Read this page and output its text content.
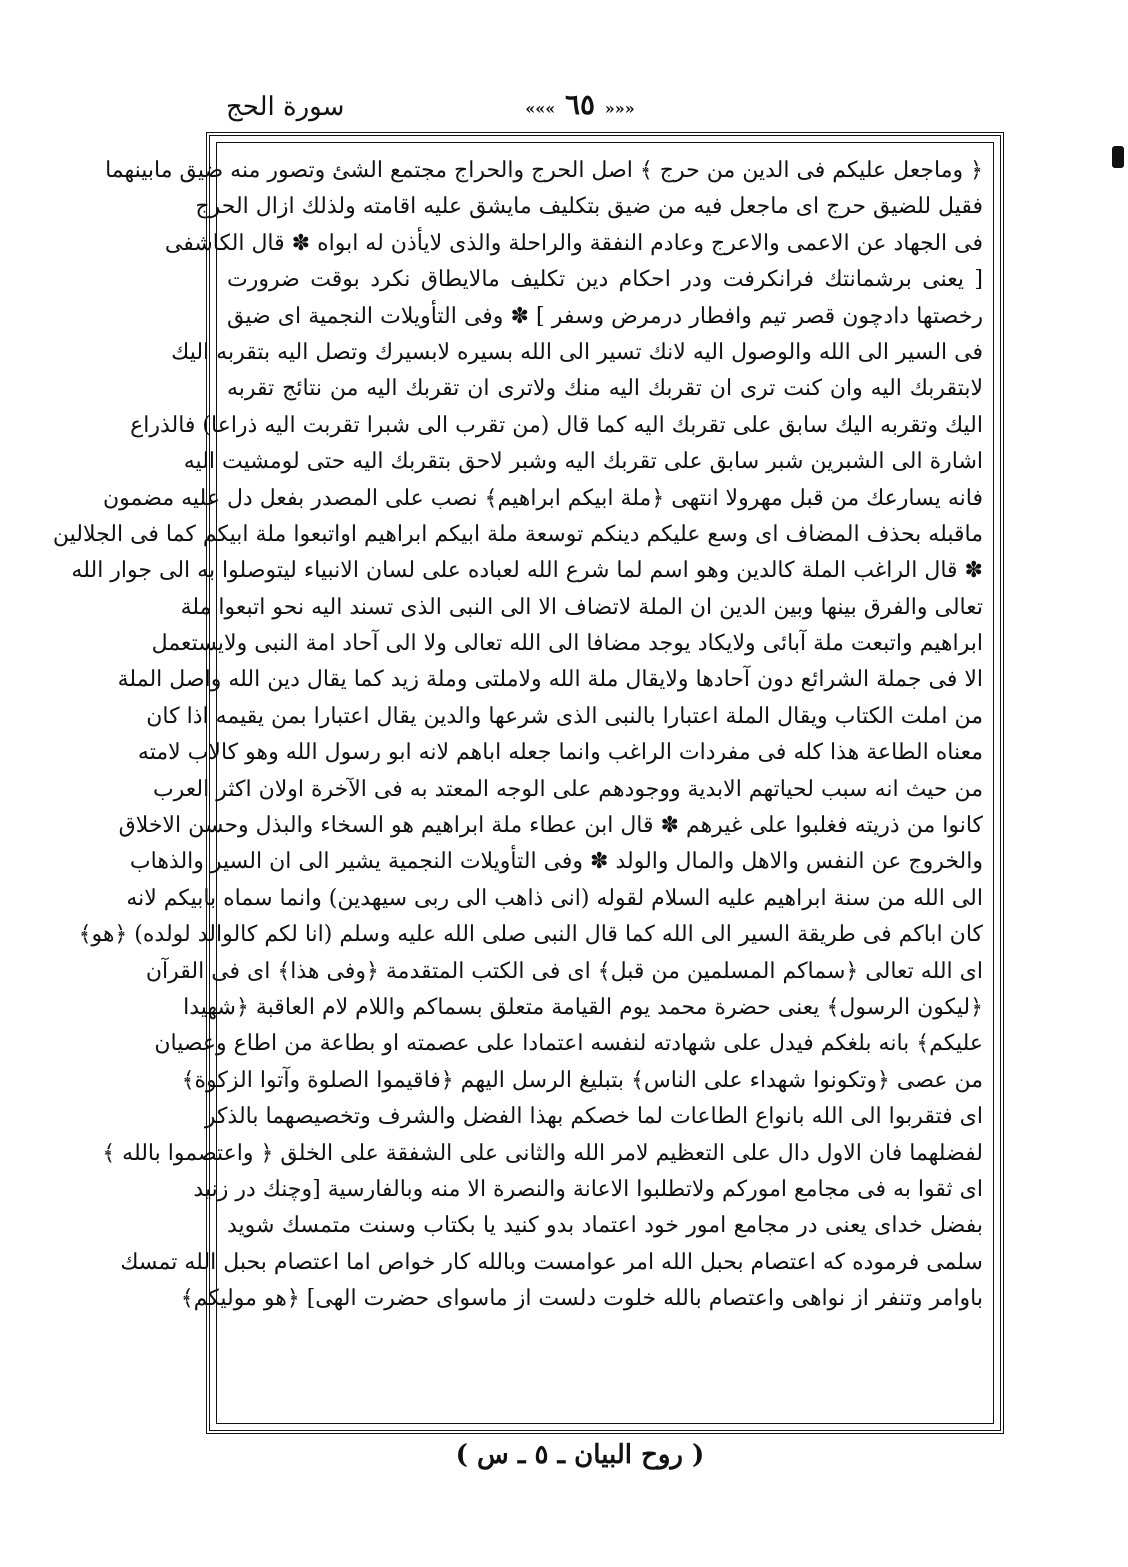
سورة الحج	««« ٦٥ »»»
﴿ وماجعل عليكم فى الدين من حرج ﴾ اصل الحرج والحراج مجتمع الشئ وتصور منه ضيق مابينهما
فقيل للضيق حرج اى ماجعل فيه من ضيق بتكليف مايشق عليه اقامته ولذلك ازال الحرج
فى الجهاد عن الاعمى والاعرج وعادم النفقة والراحلة والذى لايأذن له ابواه ✽ قال الكاشفى
[ يعنى برشمانتك فرانكرفت ودر احكام دين تكليف مالايطاق نكرد بوقت ضرورت
رخصتها دادچون قصر تيم وافطار درمرض وسفر ] ✽ وفى التأويلات النجمية اى ضيق
فى السير الى الله والوصول اليه لانك تسير الى الله بسيره لابسيرك وتصل اليه بتقربه اليك
لابتقربك اليه وان كنت ترى ان تقربك اليه منك ولاترى ان تقربك اليه من نتائج تقربه
اليك وتقربه اليك سابق على تقربك اليه كما قال (من تقرب الى شبرا تقربت اليه ذراعا) فالذراع
اشارة الى الشبرين شبر سابق على تقربك اليه وشبر لاحق بتقربك اليه حتى لومشيت اليه
فانه يسارعك من قبل مهرولا انتهى ﴿ملة ابيكم ابراهيم﴾ نصب على المصدر بفعل دل عليه مضمون
ماقبله بحذف المضاف اى وسع عليكم دينكم توسعة ملة ابيكم ابراهيم اواتبعوا ملة ابيكم كما فى الجلالين
✽ قال الراغب الملة كالدين وهو اسم لما شرع الله لعباده على لسان الانبياء ليتوصلوا به الى جوار الله
تعالى والفرق بينها وبين الدين ان الملة لاتضاف الا الى النبى الذى تسند اليه نحو اتبعوا ملة
ابراهيم واتبعت ملة آبائى ولايكاد يوجد مضافا الى الله تعالى ولا الى آحاد امة النبى ولايستعمل
الا فى جملة الشرائع دون آحادها ولايقال ملة الله ولاملتى وملة زيد كما يقال دين الله واصل الملة
من املت الكتاب ويقال الملة اعتبارا بالنبى الذى شرعها والدين يقال اعتبارا بمن يقيمه اذا كان
معناه الطاعة هذا كله فى مفردات الراغب وانما جعله اباهم لانه ابو رسول الله وهو كالاب لامته
من حيث انه سبب لحياتهم الابدية ووجودهم على الوجه المعتد به فى الآخرة اولان اكثر العرب
كانوا من ذريته فغلبوا على غيرهم ✽ قال ابن عطاء ملة ابراهيم هو السخاء والبذل وحسن الاخلاق
والخروج عن النفس والاهل والمال والولد ✽ وفى التأويلات النجمية يشير الى ان السير والذهاب
الى الله من سنة ابراهيم عليه السلام لقوله (انى ذاهب الى ربى سيهدين) وانما سماه بابيكم لانه
كان اباكم فى طريقة السير الى الله كما قال النبى صلى الله عليه وسلم (انا لكم كالوالد لولده) ﴿هو﴾
اى الله تعالى ﴿سماكم المسلمين من قبل﴾ اى فى الكتب المتقدمة ﴿وفى هذا﴾ اى فى القرآن
﴿ليكون الرسول﴾ يعنى حضرة محمد يوم القيامة متعلق بسماكم واللام لام العاقبة ﴿شهيدا
عليكم﴾ بانه بلغكم فيدل على شهادته لنفسه اعتمادا على عصمته او بطاعة من اطاع وعصيان
من عصى ﴿وتكونوا شهداء على الناس﴾ بتبليغ الرسل اليهم ﴿فاقيموا الصلوة وآتوا الزكوة﴾
اى فتقربوا الى الله بانواع الطاعات لما خصكم بهذا الفضل والشرف وتخصيصهما بالذكر
لفضلهما فان الاول دال على التعظيم لامر الله والثانى على الشفقة على الخلق ﴿ واعتصموا بالله ﴾
اى ثقوا به فى مجامع اموركم ولاتطلبوا الاعانة والنصرة الا منه وبالفارسية [وچنك در زنيد
بفضل خداى يعنى در مجامع امور خود اعتماد بدو كنيد يا بكتاب وسنت متمسك شويد
سلمى فرموده كه اعتصام بحبل الله امر عوامست وبالله كار خواص اما اعتصام بحبل الله تمسك
باوامر وتنفر از نواهى واعتصام بالله خلوت دلست از ماسواى حضرت الهى] ﴿هو موليكم﴾
( روح البيان ـ ٥ ـ س )
